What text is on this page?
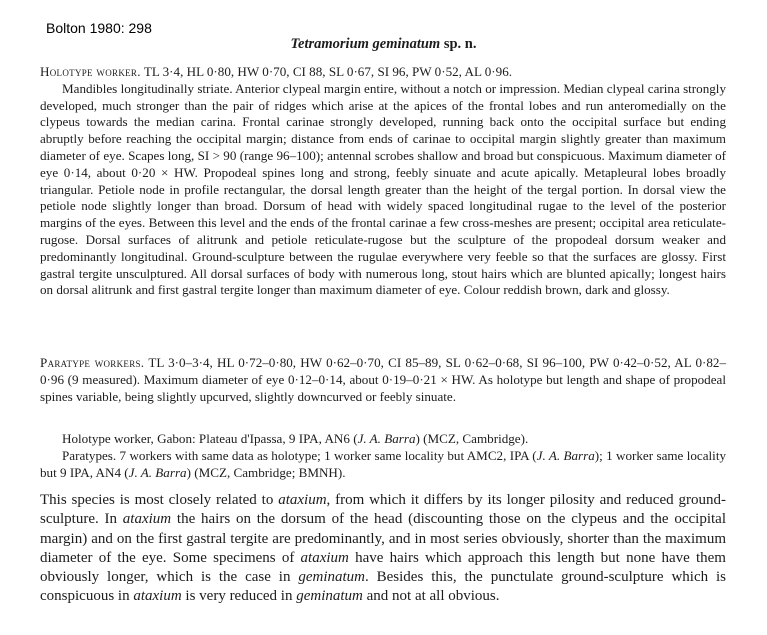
Bolton 1980: 298
Tetramorium geminatum sp. n.

Holotype worker. TL 3·4, HL 0·80, HW 0·70, CI 88, SL 0·67, SI 96, PW 0·52, AL 0·96.

Mandibles longitudinally striate. Anterior clypeal margin entire, without a notch or impression. Median clypeal carina strongly developed, much stronger than the pair of ridges which arise at the apices of the frontal lobes and run anteromedially on the clypeus towards the median carina. Frontal carinae strongly developed, running back onto the occipital surface but ending abruptly before reaching the occipital margin; distance from ends of carinae to occipital margin slightly greater than maximum diameter of eye. Scapes long, SI > 90 (range 96–100); antennal scrobes shallow and broad but conspicuous. Maximum diameter of eye 0·14, about 0·20 × HW. Propodeal spines long and strong, feebly sinuate and acute apically. Metapleural lobes broadly triangular. Petiole node in profile rectangular, the dorsal length greater than the height of the tergal portion. In dorsal view the petiole node slightly longer than broad. Dorsum of head with widely spaced longitudinal rugae to the level of the posterior margins of the eyes. Between this level and the ends of the frontal carinae a few cross-meshes are present; occipital area reticulate-rugose. Dorsal surfaces of alitrunk and petiole reticulate-rugose but the sculpture of the propodeal dorsum weaker and predominantly longitudinal. Ground-sculpture between the rugulae everywhere very feeble so that the surfaces are glossy. First gastral tergite unsculptured. All dorsal surfaces of body with numerous long, stout hairs which are blunted apically; longest hairs on dorsal alitrunk and first gastral tergite longer than maximum diameter of eye. Colour reddish brown, dark and glossy.

Paratype workers. TL 3·0–3·4, HL 0·72–0·80, HW 0·62–0·70, CI 85–89, SL 0·62–0·68, SI 96–100, PW 0·42–0·52, AL 0·82–0·96 (9 measured). Maximum diameter of eye 0·12–0·14, about 0·19–0·21 × HW. As holotype but length and shape of propodeal spines variable, being slightly upcurved, slightly downcurved or feebly sinuate.

Holotype worker, Gabon: Plateau d'Ipassa, 9 IPA, AN6 (J. A. Barra) (MCZ, Cambridge).

Paratypes. 7 workers with same data as holotype; 1 worker same locality but AMC2, IPA (J. A. Barra); 1 worker same locality but 9 IPA, AN4 (J. A. Barra) (MCZ, Cambridge; BMNH).

This species is most closely related to ataxium, from which it differs by its longer pilosity and reduced ground-sculpture. In ataxium the hairs on the dorsum of the head (discounting those on the clypeus and the occipital margin) and on the first gastral tergite are predominantly, and in most series obviously, shorter than the maximum diameter of the eye. Some specimens of ataxium have hairs which approach this length but none have them obviously longer, which is the case in geminatum. Besides this, the punctulate ground-sculpture which is conspicuous in ataxium is very reduced in geminatum and not at all obvious.
